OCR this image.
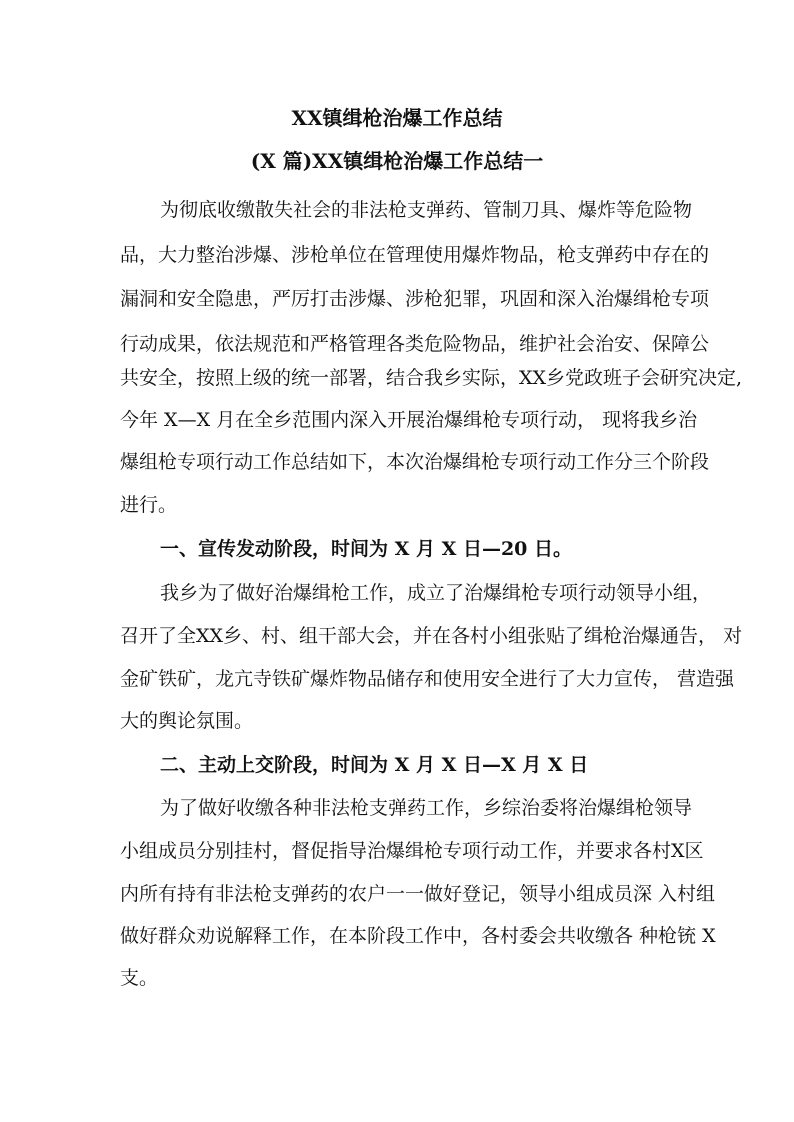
XX镇缉枪治爆工作总结
(X 篇)XX镇缉枪治爆工作总结一

为彻底收缴散失社会的非法枪支弹药、管制刀具、爆炸等危险物

品，大力整治涉爆、涉枪单位在管理使用爆炸物品，枪支弹药中存在的

漏洞和安全隐患，严厉打击涉爆、涉枪犯罪，巩固和深入治爆缉枪专项

行动成果，依法规范和严格管理各类危险物品，维护社会治安、保障公

共安全，按照上级的统一部署，结合我乡实际，XX乡党政班子会研究决定,

今年 X—X 月在全乡范围内深入开展治爆缉枪专项行动， 现将我乡治

爆组枪专项行动工作总结如下，本次治爆缉枪专项行动工作分三个阶段

进行。

一、宣传发动阶段，时间为 X 月 X 日—20 日。

我乡为了做好治爆缉枪工作，成立了治爆缉枪专项行动领导小组，

召开了全XX乡、村、组干部大会，并在各村小组张贴了缉枪治爆通告， 对

金矿铁矿，龙亢寺铁矿爆炸物品储存和使用安全进行了大力宣传， 营造强

大的舆论氛围。

二、主动上交阶段，时间为 X 月 X 日—X 月 X 日

为了做好收缴各种非法枪支弹药工作，乡综治委将治爆缉枪领导

小组成员分别挂村，督促指导治爆缉枪专项行动工作，并要求各村X区

内所有持有非法枪支弹药的农户一一做好登记，领导小组成员深 入村组

做好群众劝说解释工作，在本阶段工作中，各村委会共收缴各 种枪铳 X

支。
